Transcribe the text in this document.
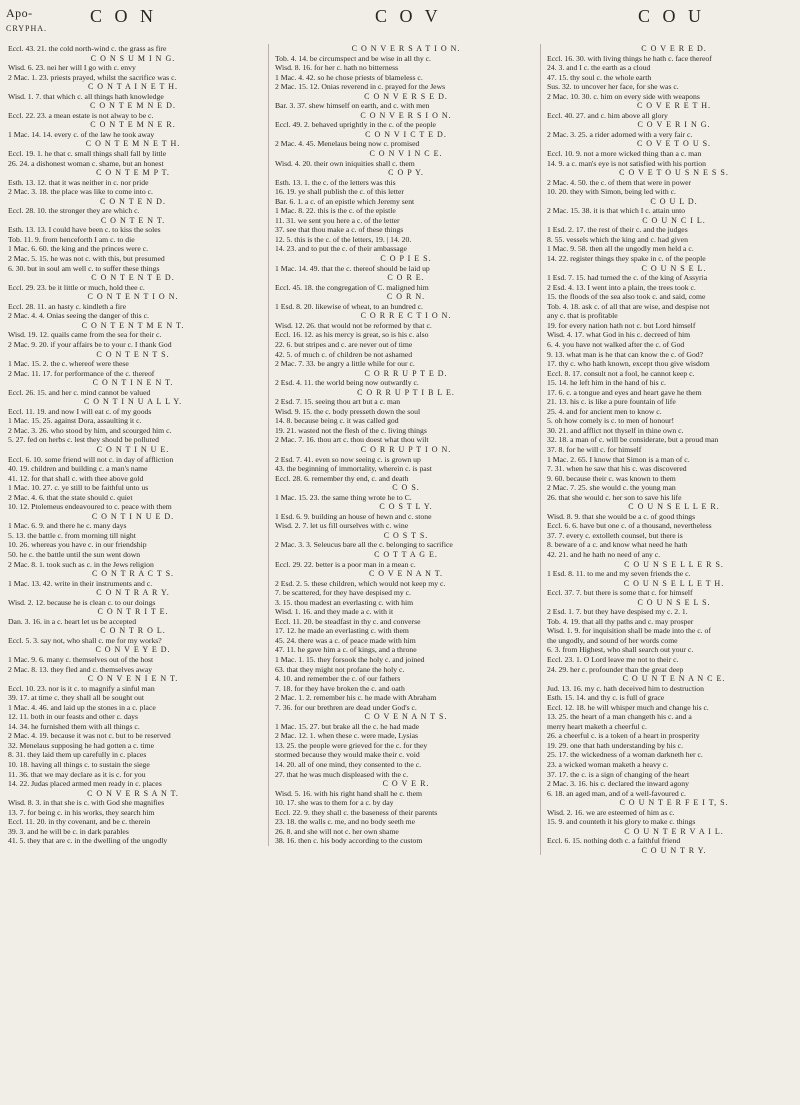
Apo-
CRYPHA.
C O N	C O V	C O U

Eccl. 43. 21. the cold north-wind c. the grass as fire

C O N S U M I N G.

Wisd. 6. 23. nei her will I go with c. envy

2 Mac. 1. 23. priests prayed, whilst the sacrifice was c.

C O N T A I N E T H.

Wisd. 1. 7. that which c. all things hath knowledge

C O N T E M N E D.

Eccl. 22. 23. a mean estate is not alway to be c.

C O N T E M N E R.

1 Mac. 14. 14. every c. of the law he took away

C O N T E M N E T H.

Eccl. 19. 1. he that c. small things shall fall by little

26. 24. a dishonest woman c. shame, but an honest

C O N T E M P T.

Esth. 13. 12. that it was neither in c. nor pride

2 Mac. 3. 18. the place was like to come into c.

C O N T E N D.

Eccl. 28. 10. the stronger they are which c.

C O N T E N T.

Esth. 13. 13. I could have been c. to kiss the soles

Tob. 11. 9. from henceforth I am c. to die

1 Mac. 6. 60. the king and the princes were c.

2 Mac. 5. 15. he was not c. with this, but presumed

6. 30. but in soul am well c. to suffer these things

C O N T E N T E D.

Eccl. 29. 23. be it little or much, hold thee c.

C O N T E N T I O N.

Eccl. 28. 11. an hasty c. kindleth a fire

2 Mac. 4. 4. Onias seeing the danger of this c.

C O N T E N T M E N T.

Wisd. 19. 12. quails came from the sea for their c.

2 Mac. 9. 20. if your affairs be to your c. I thank God

C O N T E N T S.

1 Mac. 15. 2. the c. whereof were these

2 Mac. 11. 17. for performance of the c. thereof

C O N T I N E N T.

Eccl. 26. 15. and her c. mind cannot be valued

C O N T I N U A L L Y.

Eccl. 11. 19. and now I will eat c. of my goods

1 Mac. 15. 25. against Dora, assaulting it c.

2 Mac. 3. 26. who stood by him, and scourged him c.

5. 27. fed on herbs c. lest they should be polluted

C O N T I N U E.

Eccl. 6. 10. some friend will not c. in day of affliction

40. 19. children and building c. a man's name

41. 12. for that shall c. with thee above gold

1 Mac. 10. 27. c. ye still to be faithful unto us

2 Mac. 4. 6. that the state should c. quiet

10. 12. Ptolemeus endeavoured to c. peace with them

C O N T I N U E D.

1 Mac. 6. 9. and there he c. many days

5. 13. the battle c. from morning till night

10. 26. whereas you have c. in our friendship

50. he c. the battle until the sun went down

2 Mac. 8. 1. took such as c. in the Jews religion

C O N T R A C T S.

1 Mac. 13. 42. write in their instruments and c.

C O N T R A R Y.

Wisd. 2. 12. because he is clean c. to our doings

C O N T R I T E.

Dan. 3. 16. in a c. heart let us be accepted

C O N T R O L.

Eccl. 5. 3. say not, who shall c. me for my works?

C O N V E Y E D.

1 Mac. 9. 6. many c. themselves out of the host

2 Mac. 8. 13. they fled and c. themselves away

C O N V E N I E N T.

Eccl. 10. 23. nor is it c. to magnify a sinful man

39. 17. at time c. they shall all be sought out

1 Mac. 4. 46. and laid up the stones in a c. place

12. 11. both in our feasts and other c. days

14. 34. he furnished them with all things c.

2 Mac. 4. 19. because it was not c. but to be reserved

32. Menelaus supposing he had gotten a c. time

8. 31. they laid them up carefully in c. places

10. 18. having all things c. to sustain the siege

11. 36. that we may declare as it is c. for you

14. 22. Judas placed armed men ready in c. places

C O N V E R S A N T.

Wisd. 8. 3. in that she is c. with God she magnifies

13. 7. for being c. in his works, they search him

Eccl. 11. 20. in thy covenant, and be c. therein

39. 3. and he will be c. in dark parables

41. 5. they that are c. in the dwelling of the ungodly

C O N V E R S A T I O N.

Tob. 4. 14. be circumspect and be wise in all thy c.

Wisd. 8. 16. for her c. hath no bitterness

1 Mac. 4. 42. so he chose priests of blameless c.

2 Mac. 15. 12. Onias reverend in c. prayed for the Jews

C O N V E R S E D.

Bar. 3. 37. shew himself on earth, and c. with men

C O N V E R S I O N.

Eccl. 49. 2. behaved uprightly in the c. of the people

C O N V I C T E D.

2 Mac. 4. 45. Menelaus being now c. promised

C O N V I N C E.

Wisd. 4. 20. their own iniquities shall c. them

C O P Y.

Esth. 13. 1. the c. of the letters was this

16. 19. ye shall publish the c. of this letter

Bar. 6. 1. a c. of an epistle which Jeremy sent

1 Mac. 8. 22. this is the c. of the epistle

11. 31. we sent you here a c. of the letter

37. see that thou make a c. of these things

12. 5. this is the c. of the letters, 19. | 14. 20.

14. 23. and to put the c. of their ambassage

C O P I E S.

1 Mac. 14. 49. that the c. thereof should be laid up

C O R E.

Eccl. 45. 18. the congregation of C. maligned him

C O R N.

1 Esd. 8. 20. likewise of wheat, to an hundred c.

C O R R E C T I O N.

Wisd. 12. 26. that would not be reformed by that c.

Eccl. 16. 12. as his mercy is great, so is his c. also

22. 6. but stripes and c. are never out of time

42. 5. of much c. of children be not ashamed

2 Mac. 7. 33. be angry a little while for our c.

C O R R U P T E D.

2 Esd. 4. 11. the world being now outwardly c.

C O R R U P T I B L E.

2 Esd. 7. 15. seeing thou art but a c. man

Wisd. 9. 15. the c. body presseth down the soul

14. 8. because being c. it was called god

19. 21. wasted not the flesh of the c. living things

2 Mac. 7. 16. thou art c. thou doest what thou wilt

C O R R U P T I O N.

2 Esd. 7. 41. even so now seeing c. is grown up

43. the beginning of immortality, wherein c. is past

Eccl. 28. 6. remember thy end, c. and death

C O S.

1 Mac. 15. 23. the same thing wrote he to C.

C O S T L Y.

1 Esd. 6. 9. building an house of hewn and c. stone

Wisd. 2. 7. let us fill ourselves with c. wine

C O S T S.

2 Mac. 3. 3. Seleucus bare all the c. belonging to sacrifice

C O T T A G E.

Eccl. 29. 22. better is a poor man in a mean c.

C O V E N A N T.

2 Esd. 2. 5. these children, which would not keep my c.

7. be scattered, for they have despised my c.

3. 15. thou madest an everlasting c. with him

Wisd. 1. 16. and they made a c. with it

Eccl. 11. 20. be steadfast in thy c. and converse

17. 12. he made an everlasting c. with them

45. 24. there was a c. of peace made with him

47. 11. he gave him a c. of kings, and a throne

1 Mac. 1. 15. they forsook the holy c. and joined

63. that they might not profane the holy c.

4. 10. and remember the c. of our fathers

7. 18. for they have broken the c. and oath

2 Mac. 1. 2. remember his c. he made with Abraham

7. 36. for our brethren are dead under God's c.

C O V E N A N T S.

1 Mac. 15. 27. but brake all the c. he had made

2 Mac. 12. 1. when these c. were made, Lysias

13. 25. the people were grieved for the c. for they

stormed because they would make their c. void

14. 20. all of one mind, they consented to the c.

27. that he was much displeased with the c.

C O V E R.

Wisd. 5. 16. with his right hand shall he c. them

10. 17. she was to them for a c. by day

Eccl. 22. 9. they shall c. the baseness of their parents

23. 18. the walls c. me, and no body seeth me

26. 8. and she will not c. her own shame

38. 16. then c. his body according to the custom

C O V E R E D.

Eccl. 16. 30. with living things he hath c. face thereof

24. 3. and I c. the earth as a cloud

47. 15. thy soul c. the whole earth

Sus. 32. to uncover her face, for she was c.

2 Mac. 10. 30. c. him on every side with weapons

C O V E R E T H.

Eccl. 40. 27. and c. him above all glory

C O V E R I N G.

2 Mac. 3. 25. a rider adorned with a very fair c.

C O V E T O U S.

Eccl. 10. 9. not a more wicked thing than a c. man

14. 9. a c. man's eye is not satisfied with his portion

C O V E T O U S N E S S.

2 Mac. 4. 50. the c. of them that were in power

10. 20. they with Simon, being led with c.

C O U L D.

2 Mac. 15. 38. it is that which I c. attain unto

C O U N C I L.

1 Esd. 2. 17. the rest of their c. and the judges

8. 55. vessels which the king and c. had given

1 Mac. 9. 58. then all the ungodly men held a c.

14. 22. register things they spake in c. of the people

C O U N S E L.

1 Esd. 7. 15. had turned the c. of the king of Assyria

2 Esd. 4. 13. I went into a plain, the trees took c.

15. the floods of the sea also took c. and said, come

Tob. 4. 18. ask c. of all that are wise, and despise not

any c. that is profitable

19. for every nation hath not c. but Lord himself

Wisd. 4. 17. what God in his c. decreed of him

6. 4. you have not walked after the c. of God

9. 13. what man is he that can know the c. of God?

17. thy c. who hath known, except thou give wisdom

Eccl. 8. 17. consult not a fool, he cannot keep c.

15. 14. he left him in the hand of his c.

17. 6. c. a tongue and eyes and heart gave he them

21. 13. his c. is like a pure fountain of life

25. 4. and for ancient men to know c.

5. oh how comely is c. to men of honour!

30. 21. and afflict not thyself in thine own c.

32. 18. a man of c. will be considerate, but a proud man

37. 8. for he will c. for himself

1 Mac. 2. 65. I know that Simon is a man of c.

7. 31. when he saw that his c. was discovered

9. 60. because their c. was known to them

2 Mac. 7. 25. she would c. the young man

26. that she would c. her son to save his life

C O U N S E L L E R.

Wisd. 8. 9. that she would be a c. of good things

Eccl. 6. 6. have but one c. of a thousand, nevertheless

37. 7. every c. extolleth counsel, but there is

8. beware of a c. and know what need he hath

42. 21. and he hath no need of any c.

C O U N S E L L E R S.

1 Esd. 8. 11. to me and my seven friends the c.

C O U N S E L L E T H.

Eccl. 37. 7. but there is some that c. for himself

C O U N S E L S.

2 Esd. 1. 7. but they have despised my c. 2. 1.

Tob. 4. 19. that all thy paths and c. may prosper

Wisd. 1. 9. for inquisition shall be made into the c. of

the ungodly, and sound of her words come

6. 3. from Highest, who shall search out your c.

Eccl. 23. 1. O Lord leave me not to their c.

24. 29. her c. profounder than the great deep

C O U N T E N A N C E.

Jud. 13. 16. my c. hath deceived him to destruction

Esth. 15. 14. and thy c. is full of grace

Eccl. 12. 18. he will whisper much and change his c.

13. 25. the heart of a man changeth his c. and a

merry heart maketh a cheerful c.

26. a cheerful c. is a token of a heart in prosperity

19. 29. one that hath understanding by his c.

25. 17. the wickedness of a woman darkneth her c.

23. a wicked woman maketh a heavy c.

37. 17. the c. is a sign of changing of the heart

2 Mac. 3. 16. his c. declared the inward agony

6. 18. an aged man, and of a well-favoured c.

C O U N T E R F E I T, S.

Wisd. 2. 16. we are esteemed of him as c.

15. 9. and counteth it his glory to make c. things

C O U N T E R V A I L.

Eccl. 6. 15. nothing doth c. a faithful friend

C O U N T R Y.
